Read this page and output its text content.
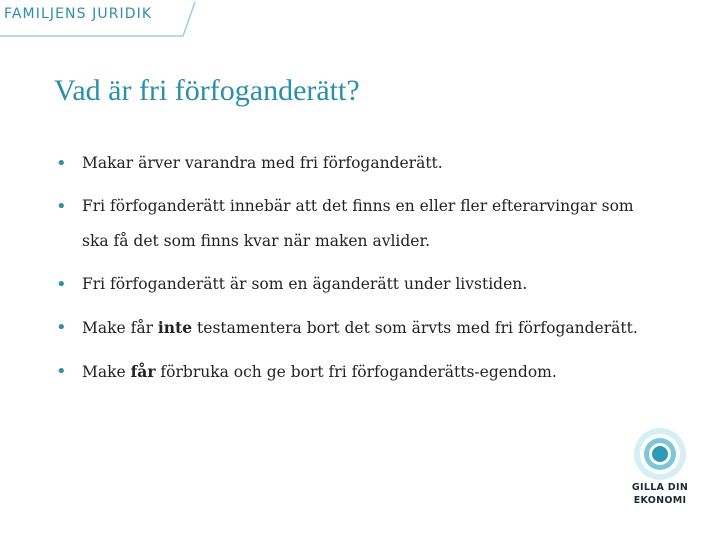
FAMILJENS JURIDIK
Vad är fri förfoganderätt?
• Makar ärver varandra med fri förfoganderätt.
• Fri förfoganderätt innebär att det finns en eller fler efterarvingar som ska få det som finns kvar när maken avlider.
• Fri förfoganderätt är som en äganderätt under livstiden.
• Make får inte testamentera bort det som ärvts med fri förfoganderätt.
• Make får förbruka och ge bort fri förfoganderätts-egendom.
GILLA DIN
EKONOMI
